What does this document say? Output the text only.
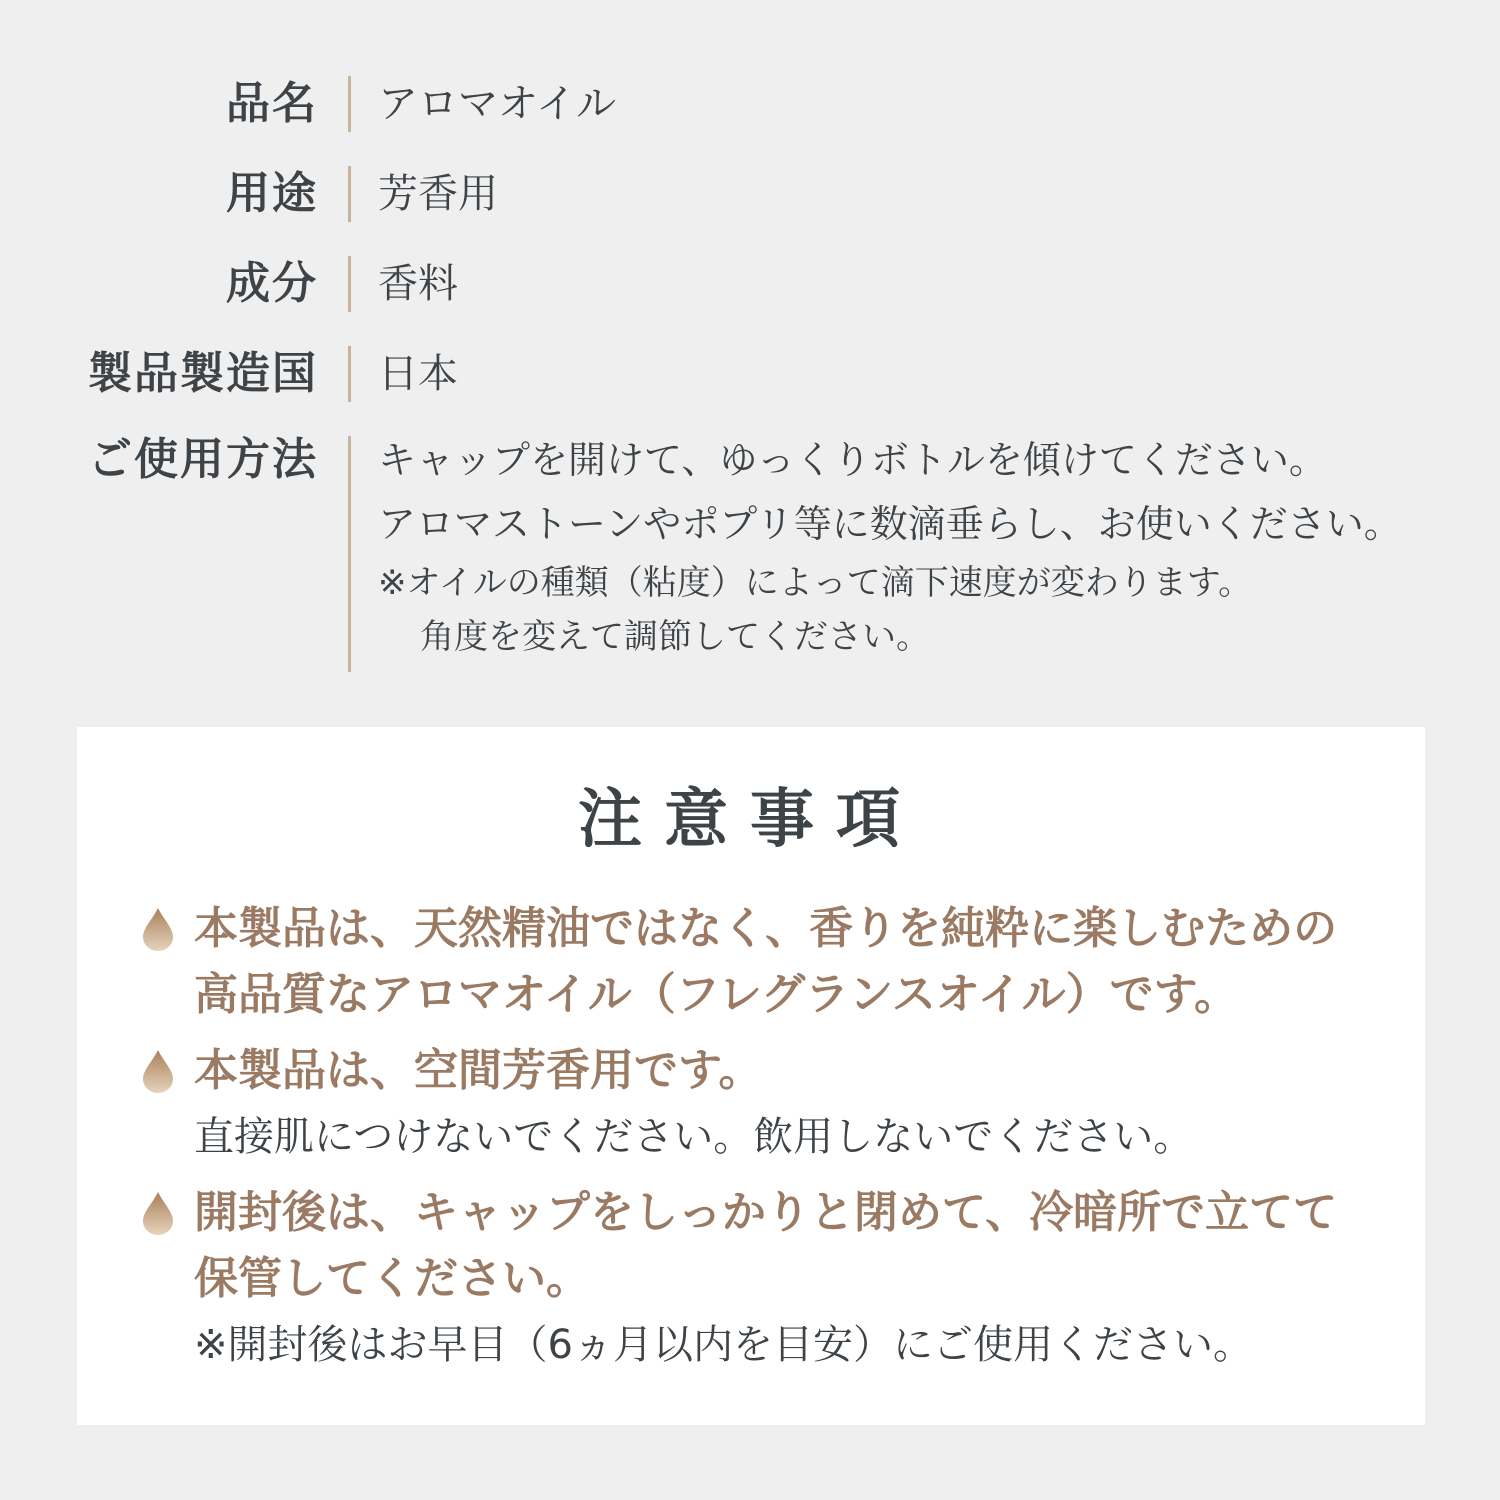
品名 アロマオイル
用途 芳香用
成分 香料
製品製造国 日本
ご使用方法 キャップを開けて、ゆっくりボトルを傾けてください。
アロマストーンやポプリ等に数滴垂らし、お使いください。
※オイルの種類（粘度）によって滴下速度が変わります。
角度を変えて調節してください。
注意事項
本製品は、天然精油ではなく、香りを純粋に楽しむための
高品質なアロマオイル（フレグランスオイル）です。
本製品は、空間芳香用です。
直接肌につけないでください。飲用しないでください。
開封後は、キャップをしっかりと閉めて、冷暗所で立てて
保管してください。
※開封後はお早目（6ヵ月以内を目安）にご使用ください。
